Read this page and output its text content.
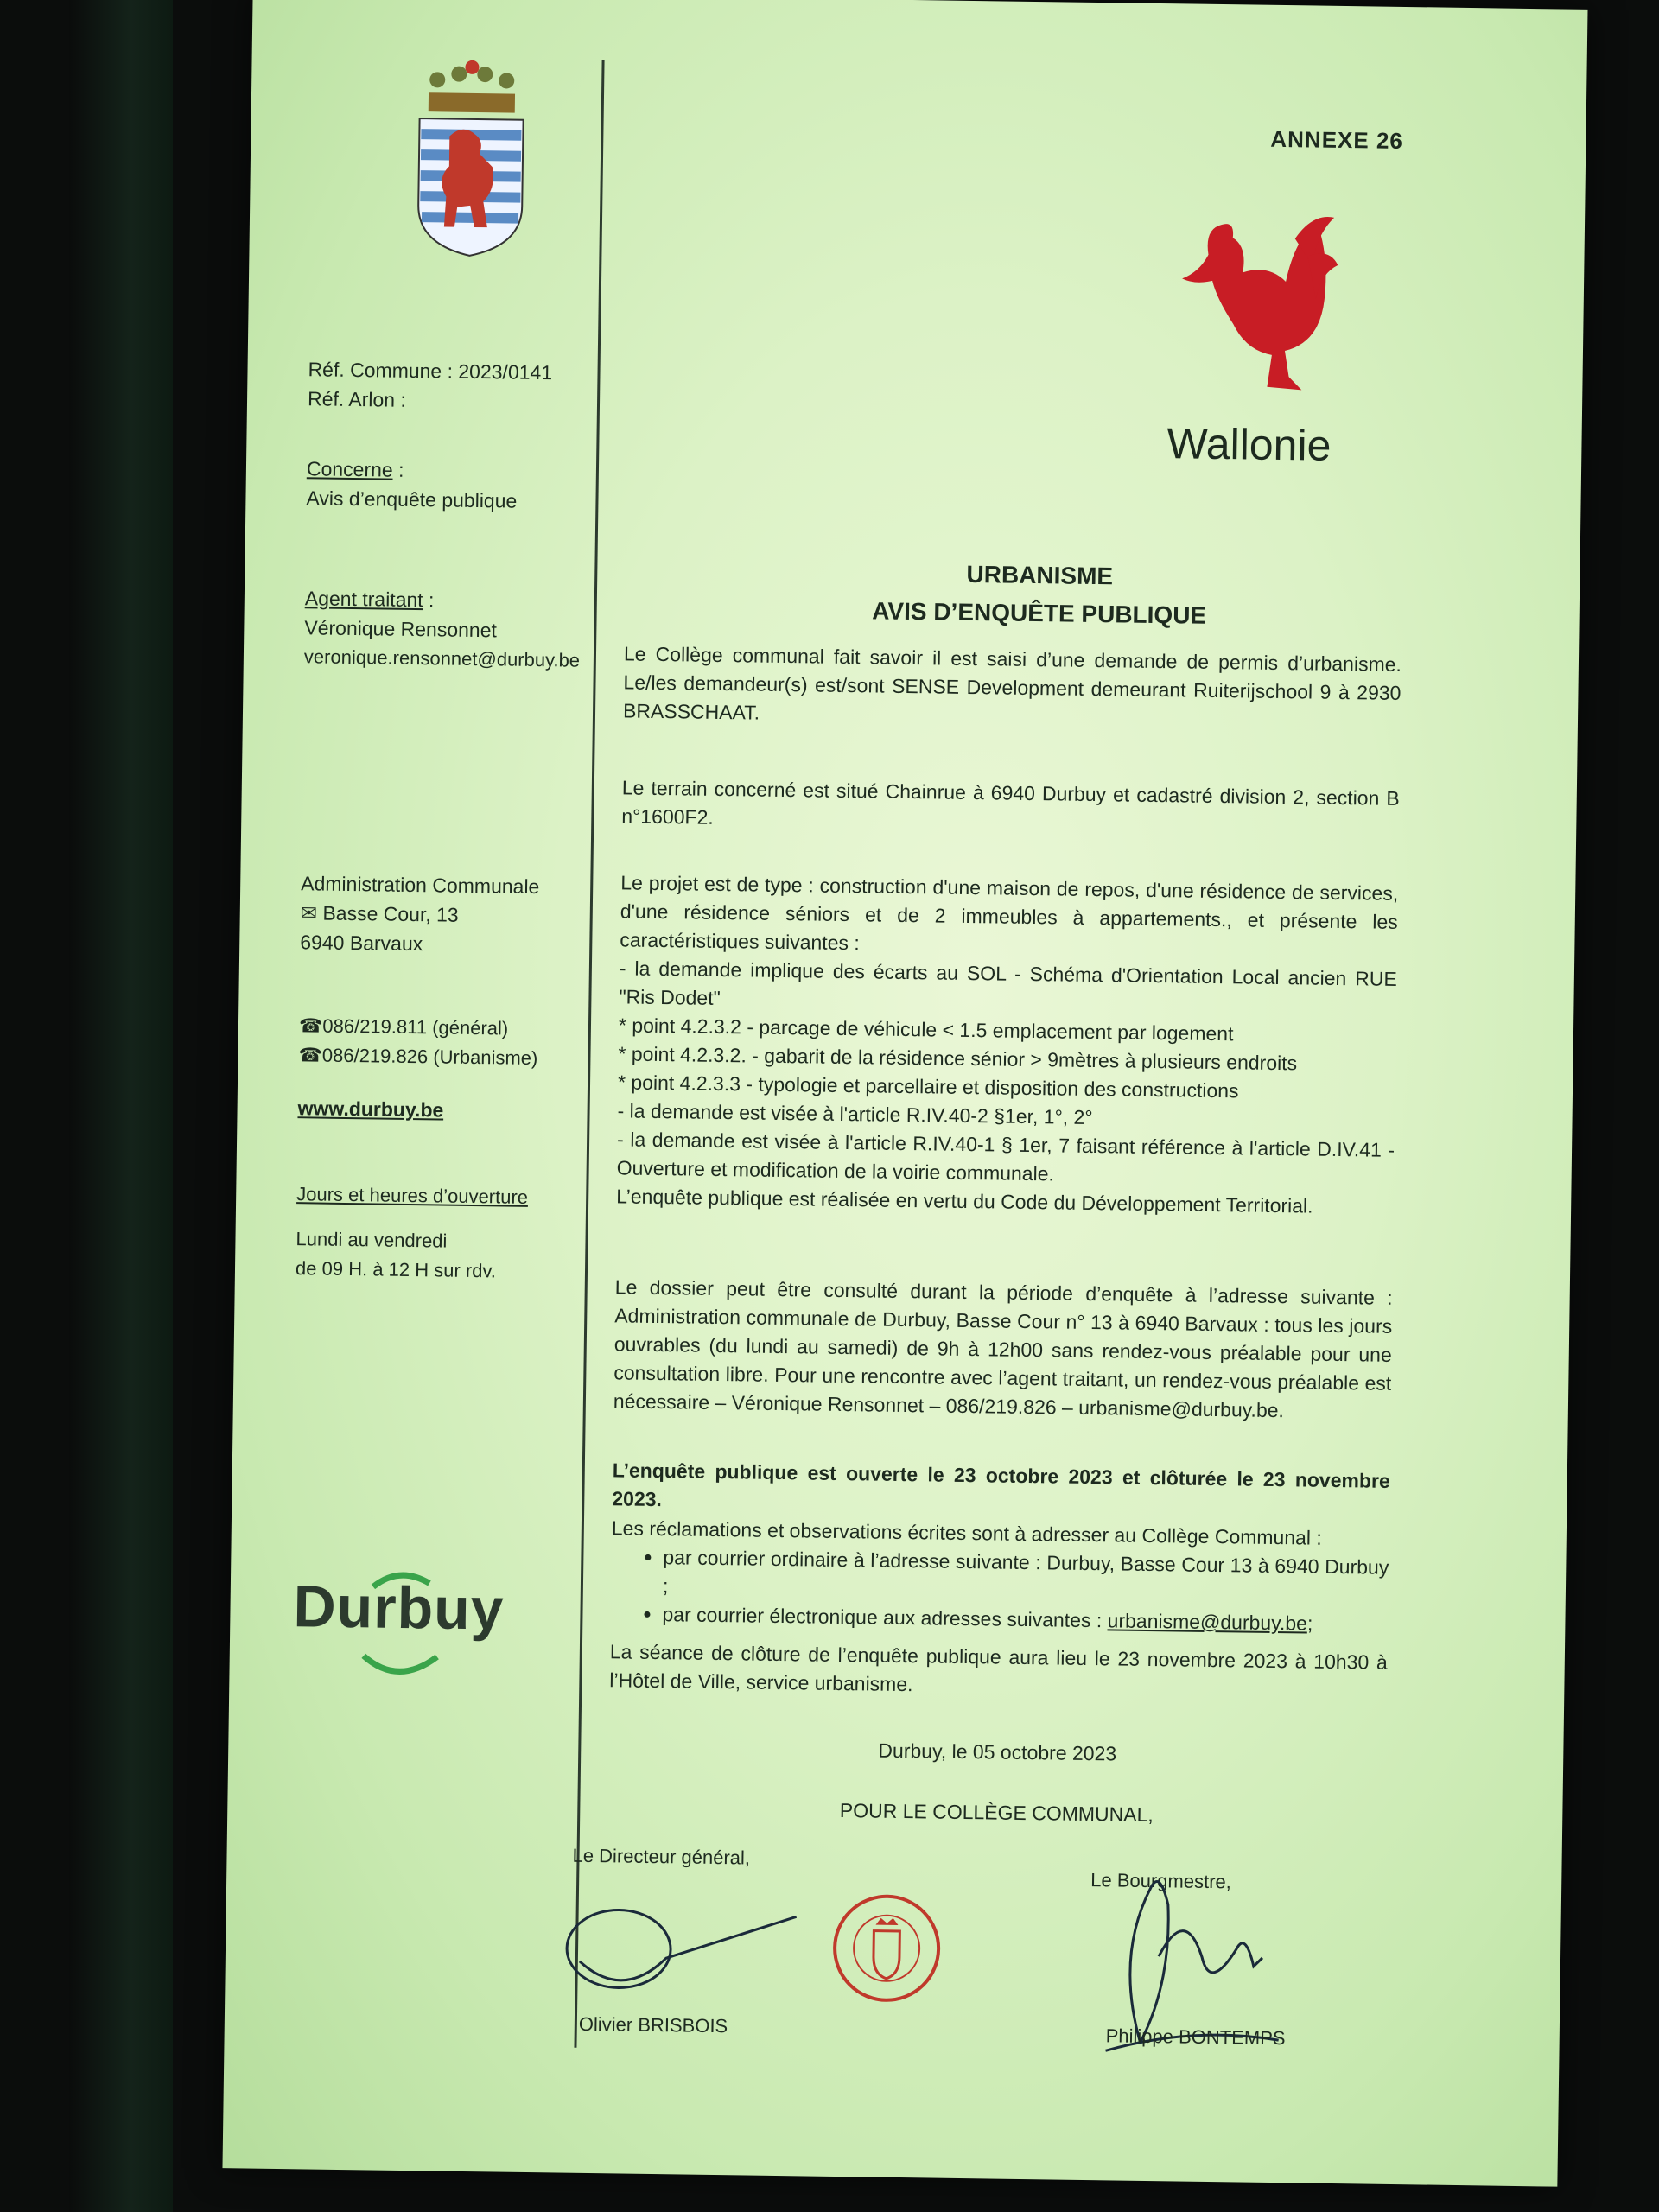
Réf. Commune : 2023/0141
Réf. Arlon :
Concerne :
Avis d’enquête publique
Agent traitant :
Véronique Rensonnet
veronique.rensonnet@durbuy.be
Administration Communale
✉ Basse Cour, 13
6940 Barvaux
☎086/219.811 (général)
☎086/219.826 (Urbanisme)
www.durbuy.be
Jours et heures d’ouverture
Lundi au vendredi
de 09 H. à 12 H sur rdv.
Durbuy
ANNEXE 26
Wallonie
URBANISME
AVIS D’ENQUÊTE PUBLIQUE

Le Collège communal fait savoir il est saisi d’une demande de permis d’urbanisme. Le/les demandeur(s) est/sont SENSE Development demeurant Ruiterijschool 9 à 2930 BRASSCHAAT.

Le terrain concerné est situé Chainrue à 6940 Durbuy et cadastré division 2, section B n°1600F2.

Le projet est de type : construction d'une maison de repos, d'une résidence de services, d'une résidence séniors et de 2 immeubles à appartements., et présente les caractéristiques suivantes :

- la demande implique des écarts au SOL - Schéma d'Orientation Local ancien RUE "Ris Dodet"

* point 4.2.3.2 - parcage de véhicule < 1.5 emplacement par logement

* point 4.2.3.2. - gabarit de la résidence sénior > 9mètres à plusieurs endroits

* point 4.2.3.3 - typologie et parcellaire et disposition des constructions

- la demande est visée à l'article R.IV.40-2 §1er, 1°, 2°

- la demande est visée à l'article R.IV.40-1 § 1er, 7 faisant référence à l'article D.IV.41 - Ouverture et modification de la voirie communale.

L’enquête publique est réalisée en vertu du Code du Développement Territorial.

Le dossier peut être consulté durant la période d’enquête à l’adresse suivante : Administration communale de Durbuy, Basse Cour n° 13 à 6940 Barvaux : tous les jours ouvrables (du lundi au samedi) de 9h à 12h00 sans rendez-vous préalable pour une consultation libre. Pour une rencontre avec l’agent traitant, un rendez-vous préalable est nécessaire – Véronique Rensonnet – 086/219.826 – urbanisme@durbuy.be.

L’enquête publique est ouverte le 23 octobre 2023 et clôturée le 23 novembre 2023.

Les réclamations et observations écrites sont à adresser au Collège Communal :

• par courrier ordinaire à l’adresse suivante : Durbuy, Basse Cour 13 à 6940 Durbuy ;
• par courrier électronique aux adresses suivantes : urbanisme@durbuy.be;

La séance de clôture de l’enquête publique aura lieu le 23 novembre 2023 à 10h30 à l’Hôtel de Ville, service urbanisme.

Durbuy, le 05 octobre 2023

POUR LE COLLÈGE COMMUNAL,

Le Directeur général,
Olivier BRISBOIS
Le Bourgmestre,
Philippe BONTEMPS
